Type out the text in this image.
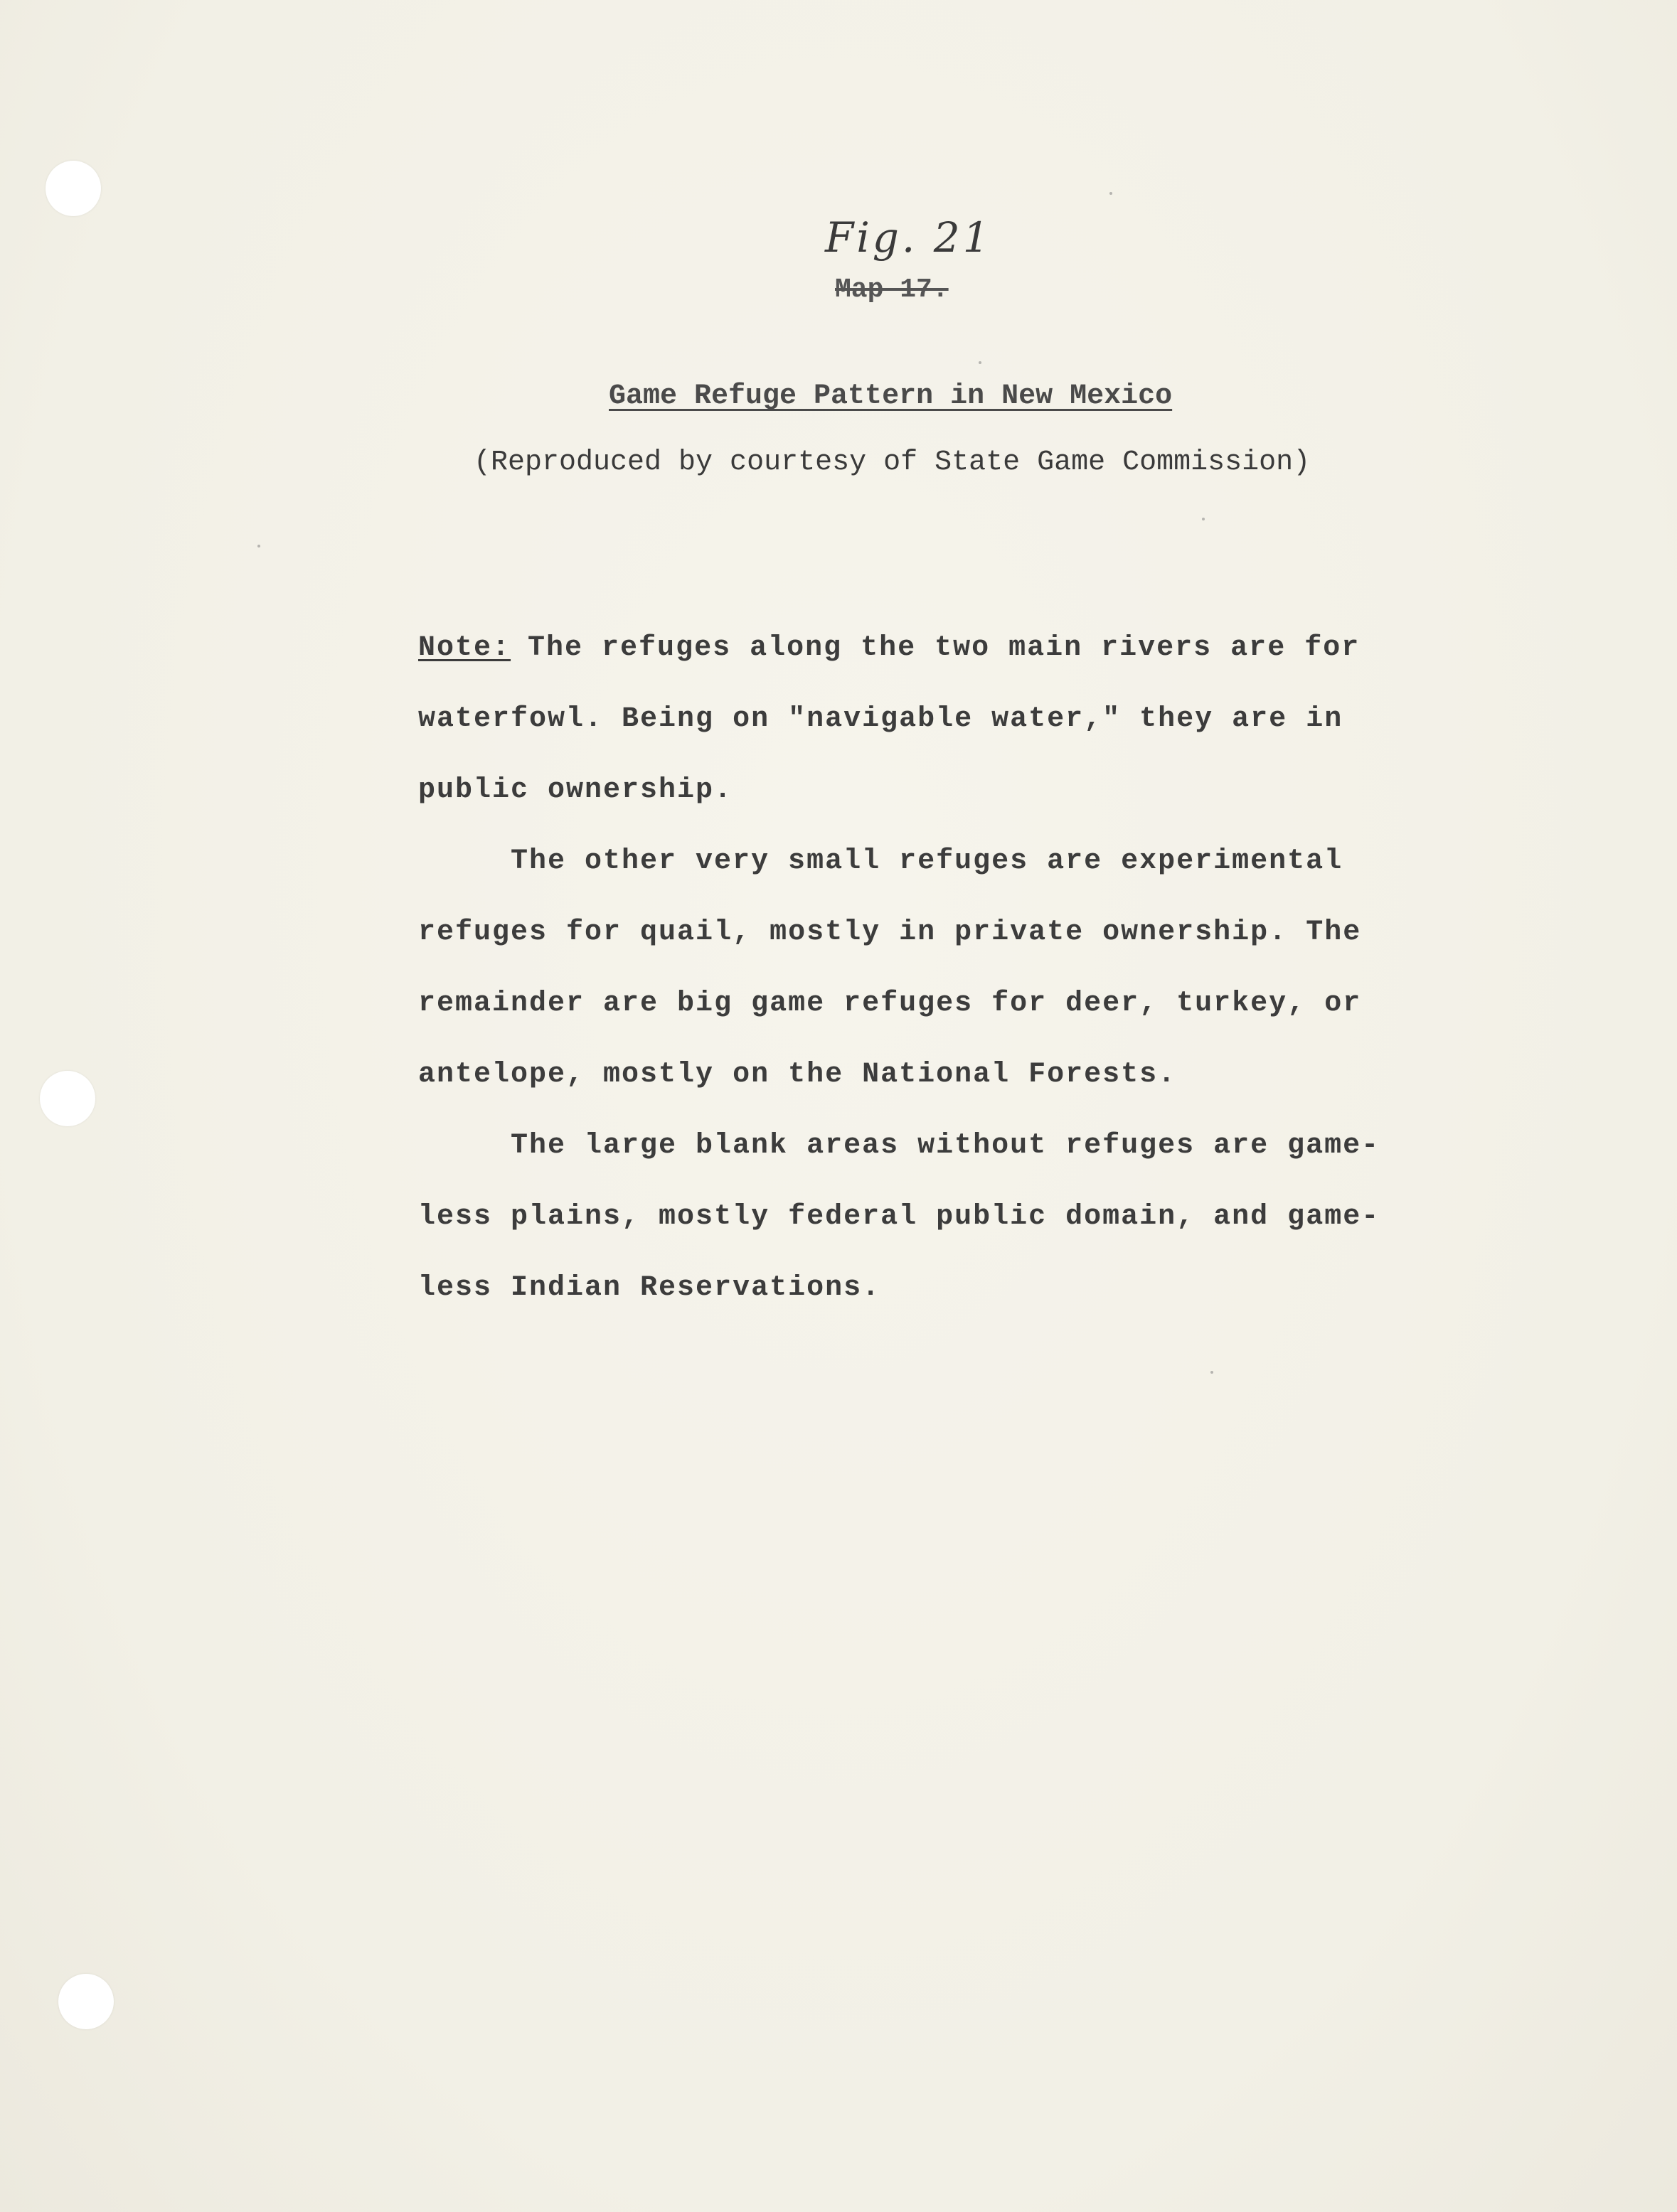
Fig. 21
Map 17.
Game Refuge Pattern in New Mexico
(Reproduced by courtesy of State Game Commission)
Note: The refuges along the two main rivers are for
waterfowl. Being on "navigable water," they are in
public ownership.
The other very small refuges are experimental
refuges for quail, mostly in private ownership. The
remainder are big game refuges for deer, turkey, or
antelope, mostly on the National Forests.
The large blank areas without refuges are game-
less plains, mostly federal public domain, and game-
less Indian Reservations.
